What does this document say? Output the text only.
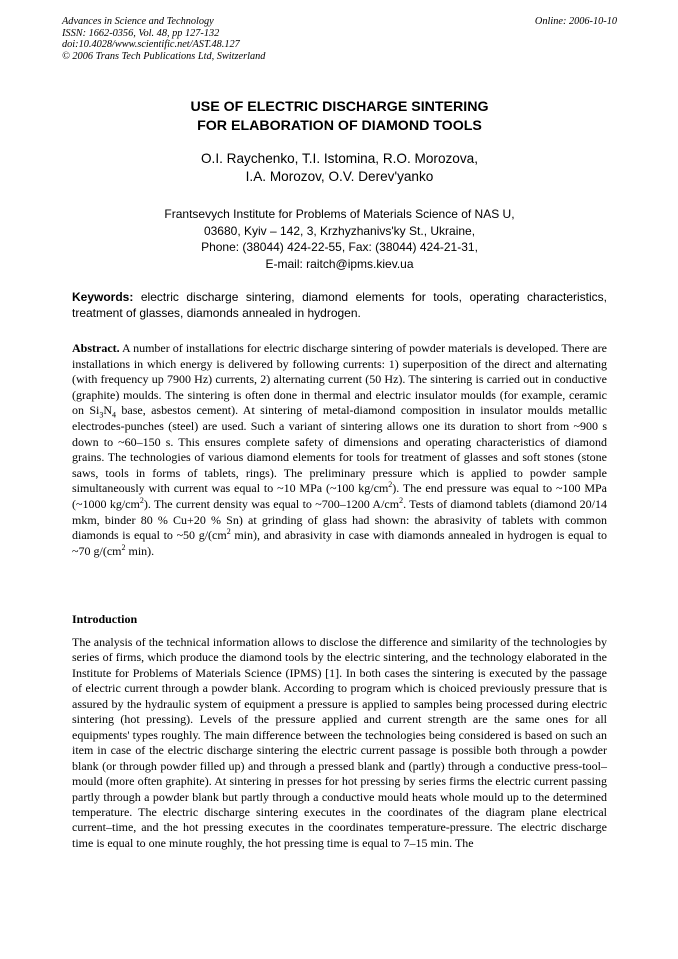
Advances in Science and Technology
ISSN: 1662-0356, Vol. 48, pp 127-132
doi:10.4028/www.scientific.net/AST.48.127
© 2006 Trans Tech Publications Ltd, Switzerland
Online: 2006-10-10
USE OF ELECTRIC DISCHARGE SINTERING
FOR ELABORATION OF DIAMOND TOOLS
O.I. Raychenko, T.I. Istomina, R.O. Morozova,
I.A. Morozov, O.V. Derev'yanko
Frantsevych Institute for Problems of Materials Science of NAS U,
03680, Kyiv – 142, 3, Krzhyzhanivs'ky St., Ukraine,
Phone: (38044) 424-22-55, Fax: (38044) 424-21-31,
E-mail: raitch@ipms.kiev.ua
Keywords: electric discharge sintering, diamond elements for tools, operating characteristics, treatment of glasses, diamonds annealed in hydrogen.
Abstract. A number of installations for electric discharge sintering of powder materials is developed. There are installations in which energy is delivered by following currents: 1) superposition of the direct and alternating (with frequency up 7900 Hz) currents, 2) alternating current (50 Hz). The sintering is carried out in conductive (graphite) moulds. The sintering is often done in thermal and electric insulator moulds (for example, ceramic on $Si_3N_4$ base, asbestos cement). At sintering of metal-diamond composition in insulator moulds metallic electrodes-punches (steel) are used. Such a variant of sintering allows one its duration to short from ~900 s down to ~60–150 s. This ensures complete safety of dimensions and operating characteristics of diamond grains. The technologies of various diamond elements for tools for treatment of glasses and soft stones (stone saws, tools in forms of tablets, rings). The preliminary pressure which is applied to powder sample simultaneously with current was equal to ~10 MPa (~100 $kg/cm^2$). The end pressure was equal to ~100 MPa (~1000 $kg/cm^2$). The current density was equal to ~700–1200 $A/cm^2$. Tests of diamond tablets (diamond 20/14 mkm, binder 80 % Cu+20 % Sn) at grinding of glass had shown: the abrasivity of tablets with common diamonds is equal to ~50 $g/(cm^2$ min), and abrasivity in case with diamonds annealed in hydrogen is equal to ~70 $g/(cm^2$ min).
Introduction
The analysis of the technical information allows to disclose the difference and similarity of the technologies by series of firms, which produce the diamond tools by the electric sintering, and the technology elaborated in the Institute for Problems of Materials Science (IPMS) [1]. In both cases the sintering is executed by the passage of electric current through a powder blank. According to program which is choiced previously pressure that is assured by the hydraulic system of equipment a pressure is applied to samples being processed during electric sintering (hot pressing). Levels of the pressure applied and current strength are the same ones for all equipments' types roughly. The main difference between the technologies being considered is based on such an item in case of the electric discharge sintering the electric current passage is possible both through a powder blank (or through powder filled up) and through a pressed blank and (partly) through a conductive press-tool–mould (more often graphite). At sintering in presses for hot pressing by series firms the electric current passing partly through a powder blank but partly through a conductive mould heats whole mould up to the determined temperature. The electric discharge sintering executes in the coordinates of the diagram plane electrical current–time, and the hot pressing executes in the coordinates temperature-pressure. The electric discharge time is equal to one minute roughly, the hot pressing time is equal to 7–15 min. The
